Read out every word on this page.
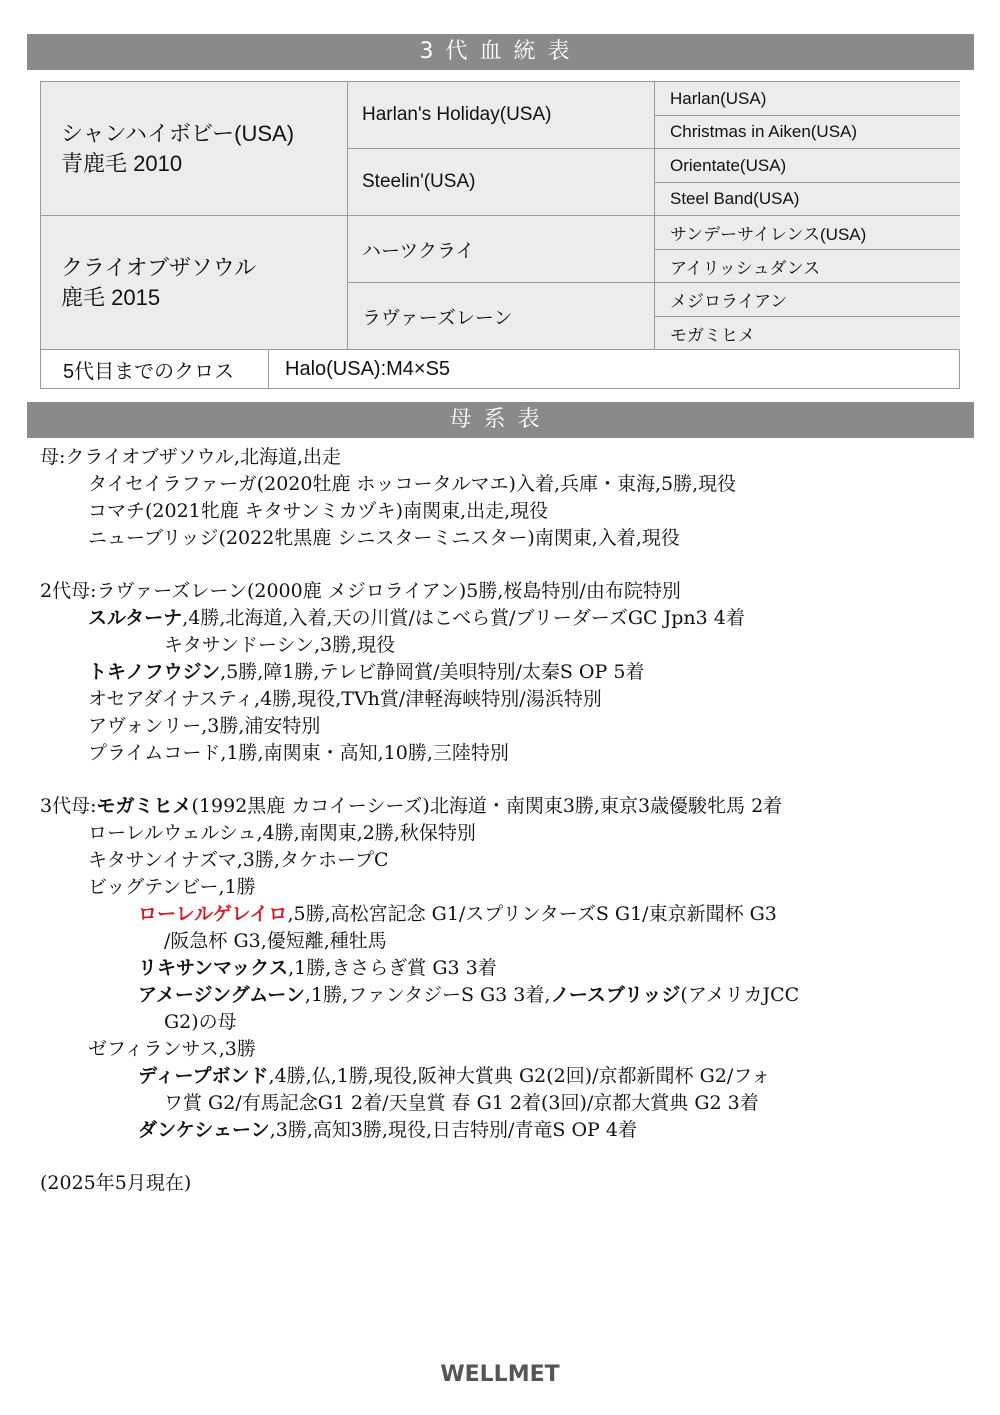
3代血統表
シャンハイボビー(USA)
青鹿毛 2010
クライオブザソウル
鹿毛 2015
Harlan's Holiday(USA)
Steelin'(USA)
ハーツクライ
ラヴァーズレーン
Harlan(USA)
Christmas in Aiken(USA)
Orientate(USA)
Steel Band(USA)
サンデーサイレンス(USA)
アイリッシュダンス
メジロライアン
モガミヒメ
5代目までのクロス	Halo(USA):M4×S5
母系表
母:クライオブザソウル,北海道,出走
タイセイラファーガ(2020牡鹿 ホッコータルマエ)入着,兵庫・東海,5勝,現役
コマチ(2021牝鹿 キタサンミカヅキ)南関東,出走,現役
ニューブリッジ(2022牝黒鹿 シニスターミニスター)南関東,入着,現役
2代母:ラヴァーズレーン(2000鹿 メジロライアン)5勝,桜島特別/由布院特別
スルターナ,4勝,北海道,入着,天の川賞/はこべら賞/ブリーダーズGC Jpn3 4着
キタサンドーシン,3勝,現役
トキノフウジン,5勝,障1勝,テレビ静岡賞/美唄特別/太秦S OP 5着
オセアダイナスティ,4勝,現役,TVh賞/津軽海峡特別/湯浜特別
アヴォンリー,3勝,浦安特別
プライムコード,1勝,南関東・高知,10勝,三陸特別
3代母:モガミヒメ(1992黒鹿 カコイーシーズ)北海道・南関東3勝,東京3歳優駿牝馬 2着
ローレルウェルシュ,4勝,南関東,2勝,秋保特別
キタサンイナズマ,3勝,タケホープC
ビッグテンビー,1勝
ローレルゲレイロ,5勝,高松宮記念 G1/スプリンターズS G1/東京新聞杯 G3
/阪急杯 G3,優短離,種牡馬
リキサンマックス,1勝,きさらぎ賞 G3 3着
アメージングムーン,1勝,ファンタジーS G3 3着,ノースブリッジ(アメリカJCC
G2)の母
ゼフィランサス,3勝
ディープボンド,4勝,仏,1勝,現役,阪神大賞典 G2(2回)/京都新聞杯 G2/フォ
ワ賞 G2/有馬記念G1 2着/天皇賞 春 G1 2着(3回)/京都大賞典 G2 3着
ダンケシェーン,3勝,高知3勝,現役,日吉特別/青竜S OP 4着
(2025年5月現在)
WELLMET
